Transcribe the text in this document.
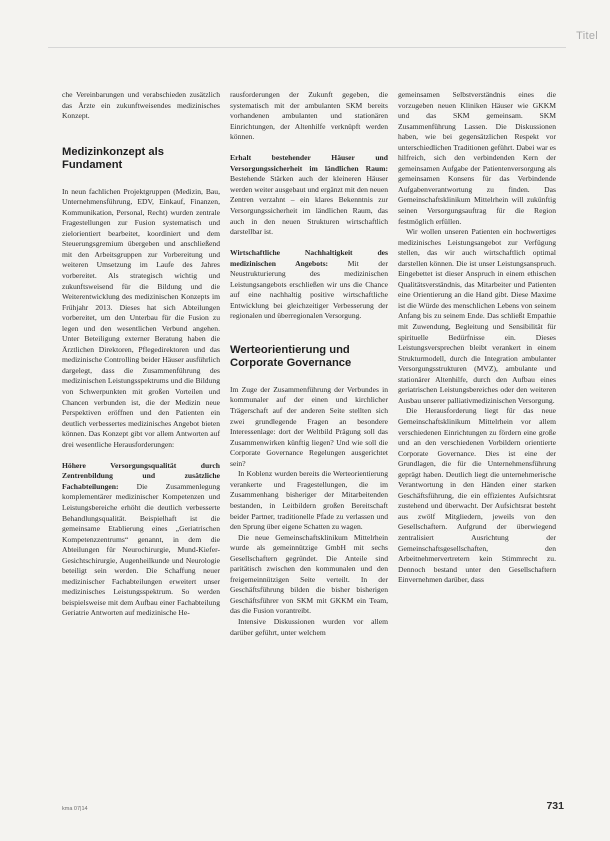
Titel

che Vereinbarungen und verabschieden zusätzlich das Ärzte ein zukunftweisendes medizinisches Konzept.

Medizinkonzept als Fundament

In neun fachlichen Projektgruppen (Medizin, Bau, Unternehmensführung, EDV, Einkauf, Finanzen, Kommunikation, Personal, Recht) wurden zentrale Fragestellungen zur Fusion systematisch und zielorientiert bearbeitet, koordiniert und dem Steuerungsgremium übergeben und anschließend mit den Arbeitsgruppen zur Vorbereitung und weiteren Umsetzung im Laufe des Jahres vorbereitet. Als strategisch wichtig und zukunftsweisend für die Bildung und die Weiterentwicklung des medizinischen Konzepts im Frühjahr 2013. Dieses hat sich Abteilungen vorbereitet, um den Unterbau für die Fusion zu legen und den wesentlichen Verbund angehen. Unter Beteiligung externer Beratung haben die Ärztlichen Direktoren, Pflegedirektoren und das medizinische Controlling beider Häuser ausführlich dargelegt, dass die Zusammenführung des medizinischen Leistungsspektrums und die Bildung von Schwerpunkten mit großen Vorteilen und Chancen verbunden ist, die der Medizin neue Perspektiven eröffnen und den Patienten ein deutlich verbessertes medizinisches Angebot bieten können. Das Konzept gibt vor allem Antworten auf drei wesentliche Herausforderungen:

Höhere Versorgungsqualität durch Zentrenbildung und zusätzliche Fachabteilungen: Die Zusammenlegung komplementärer medizinischer Kompetenzen und Leistungsbereiche erhöht die deutlich verbesserte Behandlungsqualität. Beispielhaft ist die gemeinsame Etablierung eines „Geriatrischen Kompetenzzentrums“ genannt, in dem die Abteilungen für Neurochirurgie, Mund-Kiefer-Gesichtschirurgie, Augenheilkunde und Neurologie beteiligt sein werden. Die Schaffung neuer medizinischer Fachabteilungen erweitert unser medizinisches Leistungsspektrum. So werden beispielsweise mit dem Aufbau einer Fachabteilung Geriatrie Antworten auf medizinische He-

rausforderungen der Zukunft gegeben, die systematisch mit der ambulanten SKM bereits vorhandenen ambulanten und stationären Einrichtungen, der Altenhilfe verknüpft werden können.

Erhalt bestehender Häuser und Versorgungssicherheit im ländlichen Raum: Bestehende Stärken auch der kleineren Häuser werden weiter ausgebaut und ergänzt mit den neuen Zentren verzahnt – ein klares Bekenntnis zur Versorgungssicherheit im ländlichen Raum, das auch in den neuen Strukturen wirtschaftlich darstellbar ist.

Wirtschaftliche Nachhaltigkeit des medizinischen Angebots: Mit der Neustrukturierung des medizinischen Leistungsangebots erschließen wir uns die Chance auf eine nachhaltig positive wirtschaftliche Entwicklung bei gleichzeitiger Verbesserung der regionalen und überregionalen Versorgung.

Werteorientierung und Corporate Governance

Im Zuge der Zusammenführung der Verbundes in kommunaler auf der einen und kirchlicher Trägerschaft auf der anderen Seite stellten sich zwei grundlegende Fragen an besondere Interessenlage: dort der Weltbild Prägung soll das Zusammenwirken künftig liegen? Und wie soll die Corporate Governance Regelungen ausgerichtet sein?

In Koblenz wurden bereits die Werteorientierung verankerte und Fragestellungen, die im Zusammenhang bisheriger der Mitarbeitenden bestanden, in Leitbildern großen Bereitschaft beider Partner, traditionelle Pfade zu verlassen und den Sprung über eigene Schatten zu wagen.

Die neue Gemeinschaftsklinikum Mittelrhein wurde als gemeinnützige GmbH mit sechs Gesellschaftern gegründet. Die Anteile sind paritätisch zwischen den kommunalen und den freigemeinnützigen Seite verteilt. In der Geschäftsführung bilden die bisher bisherigen Geschäftsführer von SKM mit GKKM ein Team, das die Fusion vorantreibt.

Intensive Diskussionen wurden vor allem darüber geführt, unter welchem

gemeinsamen Selbstverständnis eines die vorzugeben neuen Kliniken Häuser wie GKKM und das SKM gemeinsam. SKM Zusammenführung Lassen. Die Diskussionen haben, wie bei gegensätzlichen Respekt vor unterschiedlichen Traditionen geführt. Dabei war es hilfreich, sich den verbindenden Kern der gemeinsamen Aufgabe der Patientenversorgung als gemeinsamen Konsens für das Verbindende Aufgabenverantwortung zu finden. Das Gemeinschaftsklinikum Mittelrhein will zukünftig seinen Versorgungsauftrag für die Region festmöglich erfüllen.

Wir wollen unseren Patienten ein hochwertiges medizinisches Leistungsangebot zur Verfügung stellen, das wir auch wirtschaftlich optimal darstellen können. Die ist unser Leistungsanspruch. Eingebettet ist dieser Anspruch in einem ethischen Qualitätsverständnis, das Mitarbeiter und Patienten eine Orientierung an die Hand gibt. Diese Maxime ist die Würde des menschlichen Lebens von seinem Anfang bis zu seinem Ende. Das schließt Empathie mit Zuwendung, Begleitung und Sensibilität für spirituelle Bedürfnisse ein. Dieses Leistungsversprechen bleibt verankert in einem Strukturmodell, durch die Integration ambulanter Versorgungsstrukturen (MVZ), ambulante und stationärer Altenhilfe, durch den Aufbau eines geriatrischen Leistungsbereiches oder den weiteren Ausbau unserer palliativmedizinischen Versorgung.

Die Herausforderung liegt für das neue Gemeinschaftsklinikum Mittelrhein vor allem verschiedenen Einrichtungen zu fördern eine große und an den verschiedenen Vorbildern orientierte Corporate Governance. Dies ist eine der Grundlagen, die für die Unternehmensführung geprägt haben. Deutlich liegt die unternehmerische Verantwortung in den Händen einer starken Geschäftsführung, die ein effizientes Aufsichtsrat zustehend und überwacht. Der Aufsichtsrat besteht aus zwölf Mitgliedern, jeweils von den Gesellschaftern. Aufgrund der überwiegend zentralisiert Ausrichtung der Gemeinschaftsgesellschaften, den Arbeitnehmervertretern kein Stimmrecht zu. Dennoch bestand unter den Gesellschaftern Einvernehmen darüber, dass

kma 07|14	731
